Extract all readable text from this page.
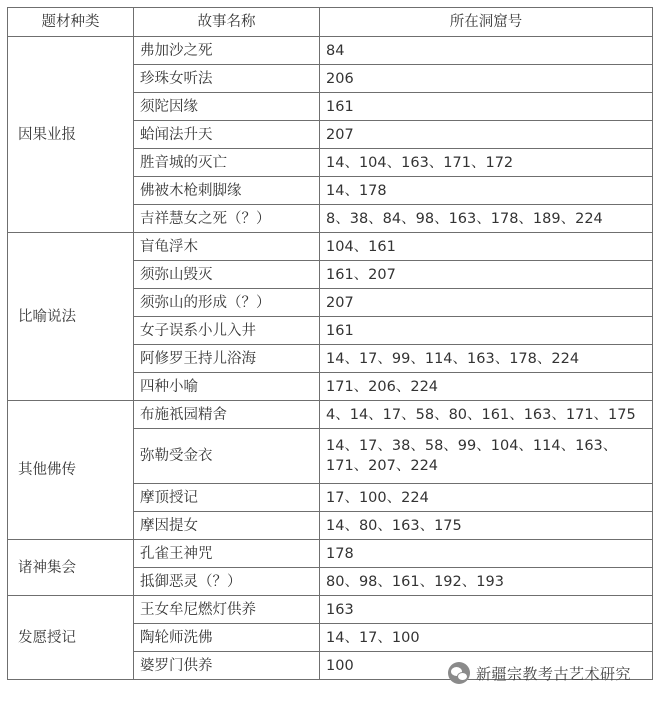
题材种类	故事名称	所在洞窟号
因果业报	弗加沙之死	84
	珍珠女听法	206
	须陀因缘	161
	蛤闻法升天	207
	胜音城的灭亡	14、104、163、171、172
	佛被木枪刺脚缘	14、178
	吉祥慧女之死（？）	8、38、84、98、163、178、189、224
比喻说法	盲龟浮木	104、161
	须弥山毁灭	161、207
	须弥山的形成（？）	207
	女子误系小儿入井	161
	阿修罗王持儿浴海	14、17、99、114、163、178、224
	四种小喻	171、206、224
其他佛传	布施祇园精舍	4、14、17、58、80、161、163、171、175
	弥勒受金衣	14、17、38、58、99、104、114、163、171、207、224
	摩顶授记	17、100、224
	摩因提女	14、80、163、175
诸神集会	孔雀王神咒	178
	抵御恶灵（？）	80、98、161、192、193
发愿授记	王女牟尼燃灯供养	163
	陶轮师洗佛	14、17、100
	婆罗门供养	100	新疆宗教考古艺术研究
